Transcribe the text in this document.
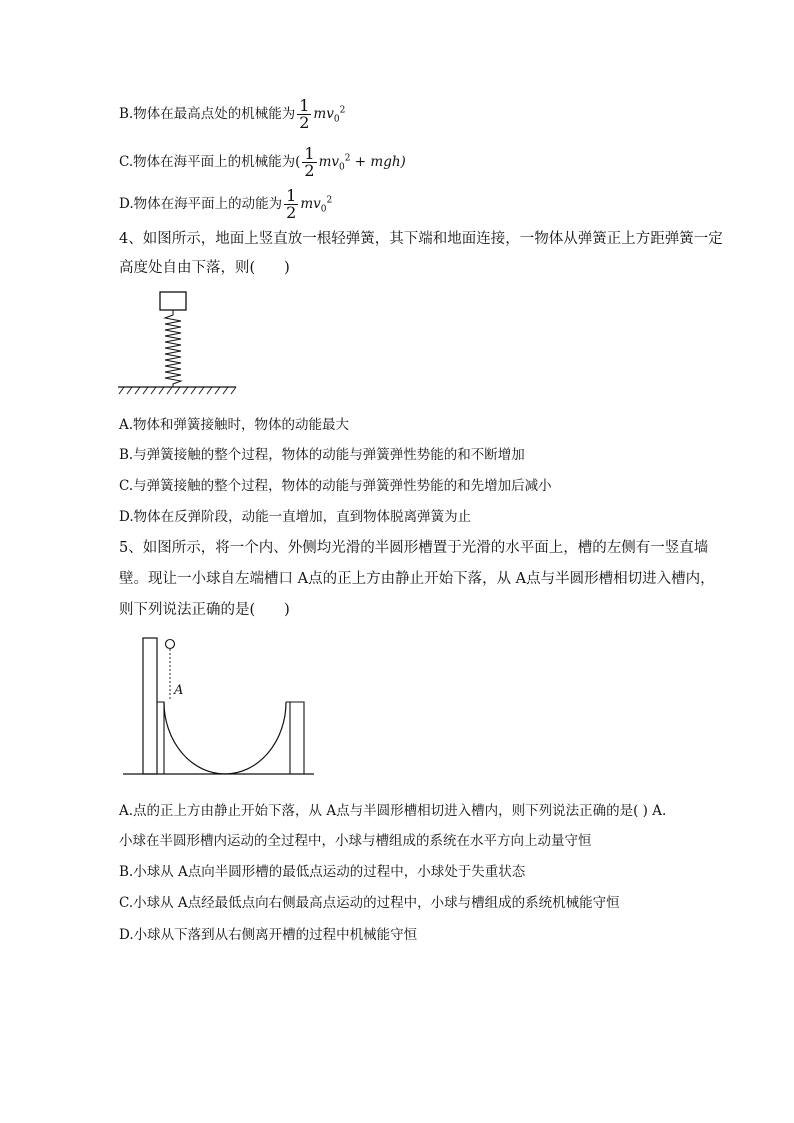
B.物体在最高点处的机械能为 $\frac{1}{2} mv_0^2$
C.物体在海平面上的机械能为( $\frac{1}{2} mv_0^2 + mgh$)
D.物体在海平面上的动能为 $\frac{1}{2} mv_0^2$
4、如图所示，地面上竖直放一根轻弹簧，其下端和地面连接，一物体从弹簧正上方距弹簧一定
高度处自由下落，则(　　)
A.物体和弹簧接触时，物体的动能最大
B.与弹簧接触的整个过程，物体的动能与弹簧弹性势能的和不断增加
C.与弹簧接触的整个过程，物体的动能与弹簧弹性势能的和先增加后减小
D.物体在反弹阶段，动能一直增加，直到物体脱离弹簧为止
5、如图所示，将一个内、外侧均光滑的半圆形槽置于光滑的水平面上，槽的左侧有一竖直墙
壁。现让一小球自左端槽口 A点的正上方由静止开始下落，从 A点与半圆形槽相切进入槽内，
则下列说法正确的是(　　)
A
A.点的正上方由静止开始下落，从 A点与半圆形槽相切进入槽内，则下列说法正确的是( ) A.
小球在半圆形槽内运动的全过程中，小球与槽组成的系统在水平方向上动量守恒
B.小球从 A点向半圆形槽的最低点运动的过程中，小球处于失重状态
C.小球从 A点经最低点向右侧最高点运动的过程中，小球与槽组成的系统机械能守恒
D.小球从下落到从右侧离开槽的过程中机械能守恒
